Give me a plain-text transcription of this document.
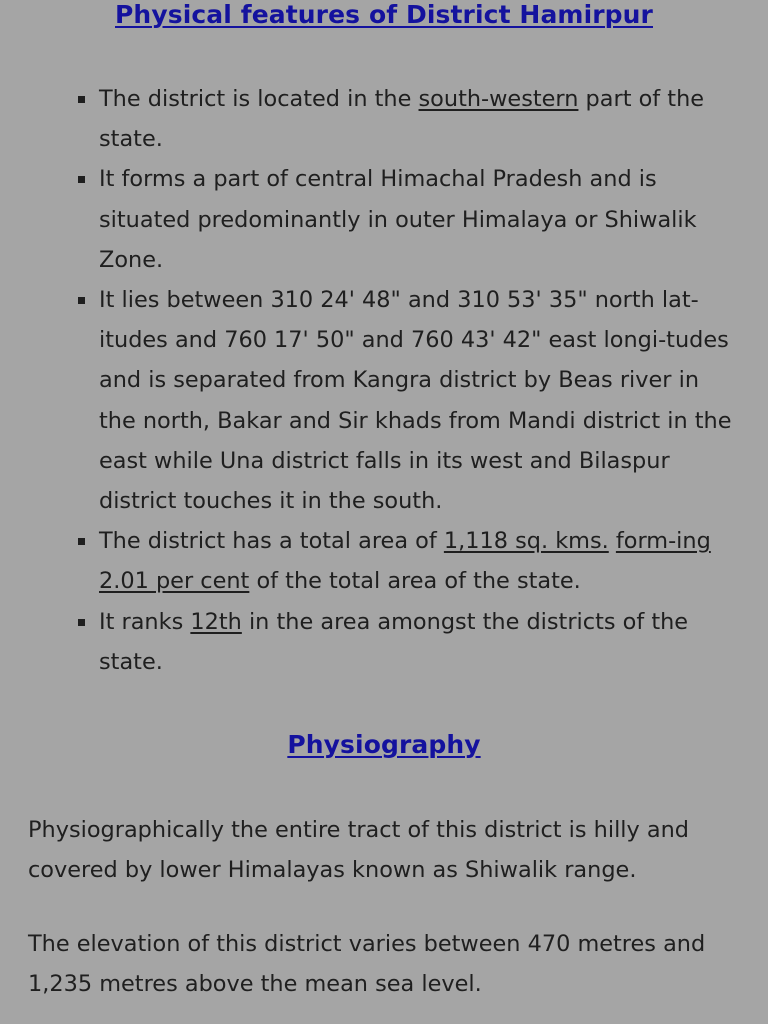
Physical features of District Hamirpur
The district is located in the south-western part of the state.
It forms a part of central Himachal Pradesh and is situated predominantly in outer Himalaya or Shiwalik Zone.
It lies between 310 24' 48" and 310 53' 35" north lat-itudes and 760 17' 50" and 760 43' 42" east longi-tudes and is separated from Kangra district by Beas river in the north, Bakar and Sir khads from Mandi district in the east while Una district falls in its west and Bilaspur district touches it in the south.
The district has a total area of 1,118 sq. kms. form-ing 2.01 per cent of the total area of the state.
It ranks 12th in the area amongst the districts of the state.
Physiography

Physiographically the entire tract of this district is hilly and covered by lower Himalayas known as Shiwalik range.

The elevation of this district varies between 470 metres and 1,235 metres above the mean sea level.
